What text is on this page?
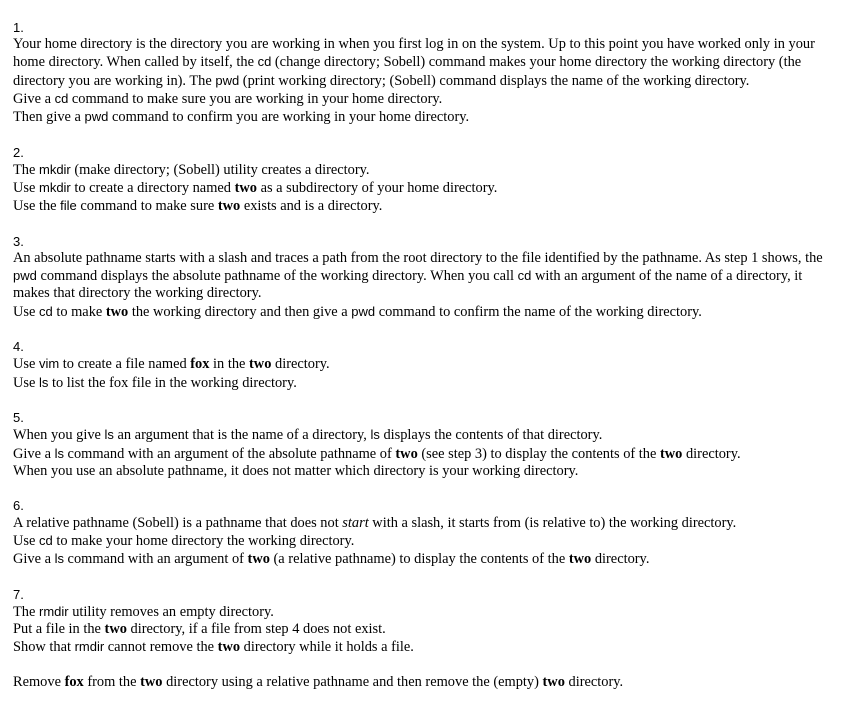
1.
Your home directory is the directory you are working in when you first log in on the system. Up to this point you have worked only in your home directory. When called by itself, the cd (change directory; Sobell) command makes your home directory the working directory (the directory you are working in). The pwd (print working directory; (Sobell) command displays the name of the working directory.
Give a cd command to make sure you are working in your home directory.
Then give a pwd command to confirm you are working in your home directory.
2.
The mkdir (make directory; (Sobell) utility creates a directory.
Use mkdir to create a directory named two as a subdirectory of your home directory.
Use the file command to make sure two exists and is a directory.
3.
An absolute pathname starts with a slash and traces a path from the root directory to the file identified by the pathname. As step 1 shows, the pwd command displays the absolute pathname of the working directory. When you call cd with an argument of the name of a directory, it makes that directory the working directory.
Use cd to make two the working directory and then give a pwd command to confirm the name of the working directory.
4.
Use vim to create a file named fox in the two directory.
Use ls to list the fox file in the working directory.
5.
When you give ls an argument that is the name of a directory, ls displays the contents of that directory.
Give a ls command with an argument of the absolute pathname of two (see step 3) to display the contents of the two directory.
When you use an absolute pathname, it does not matter which directory is your working directory.
6.
A relative pathname (Sobell) is a pathname that does not start with a slash, it starts from (is relative to) the working directory.
Use cd to make your home directory the working directory.
Give a ls command with an argument of two (a relative pathname) to display the contents of the two directory.
7.
The rmdir utility removes an empty directory.
Put a file in the two directory, if a file from step 4 does not exist.
Show that rmdir cannot remove the two directory while it holds a file.

Remove fox from the two directory using a relative pathname and then remove the (empty) two directory.
